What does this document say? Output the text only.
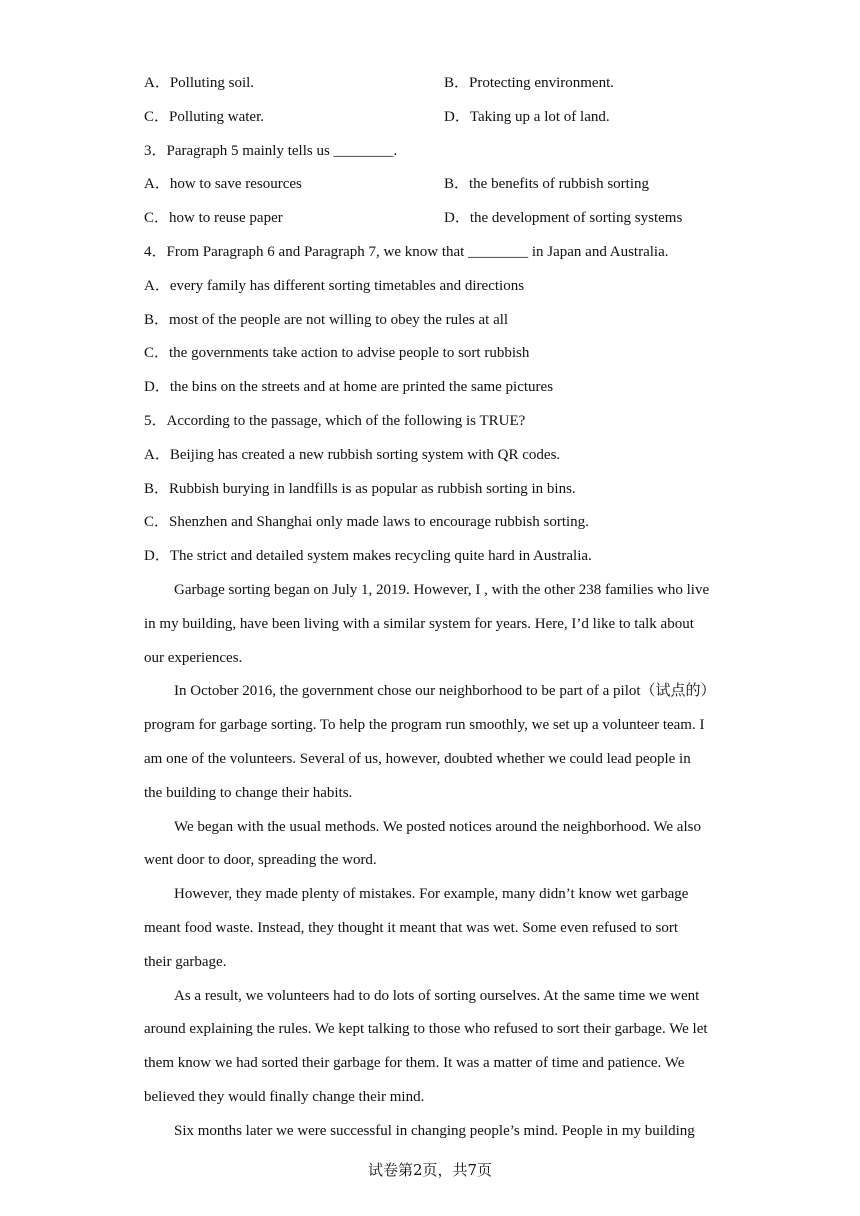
A．Polluting soil.	B．Protecting environment.
C．Polluting water.	D．Taking up a lot of land.
3．Paragraph 5 mainly tells us ________.
A．how to save resources	B．the benefits of rubbish sorting
C．how to reuse paper	D．the development of sorting systems
4．From Paragraph 6 and Paragraph 7, we know that ________ in Japan and Australia.
A．every family has different sorting timetables and directions
B．most of the people are not willing to obey the rules at all
C．the governments take action to advise people to sort rubbish
D．the bins on the streets and at home are printed the same pictures
5．According to the passage, which of the following is TRUE?
A．Beijing has created a new rubbish sorting system with QR codes.
B．Rubbish burying in landfills is as popular as rubbish sorting in bins.
C．Shenzhen and Shanghai only made laws to encourage rubbish sorting.
D．The strict and detailed system makes recycling quite hard in Australia.
Garbage sorting began on July 1, 2019. However, I , with the other 238 families who live
in my building, have been living with a similar system for years. Here, I’d like to talk about
our experiences.
In October 2016, the government chose our neighborhood to be part of a pilot（试点的）
program for garbage sorting. To help the program run smoothly, we set up a volunteer team. I
am one of the volunteers. Several of us, however, doubted whether we could lead people in
the building to change their habits.
We began with the usual methods. We posted notices around the neighborhood. We also
went door to door, spreading the word.
However, they made plenty of mistakes. For example, many didn’t know wet garbage
meant food waste. Instead, they thought it meant that was wet. Some even refused to sort
their garbage.
As a result, we volunteers had to do lots of sorting ourselves. At the same time we went
around explaining the rules. We kept talking to those who refused to sort their garbage. We let
them know we had sorted their garbage for them. It was a matter of time and patience. We
believed they would finally change their mind.
Six months later we were successful in changing people’s mind. People in my building
试卷第2页，共7页
